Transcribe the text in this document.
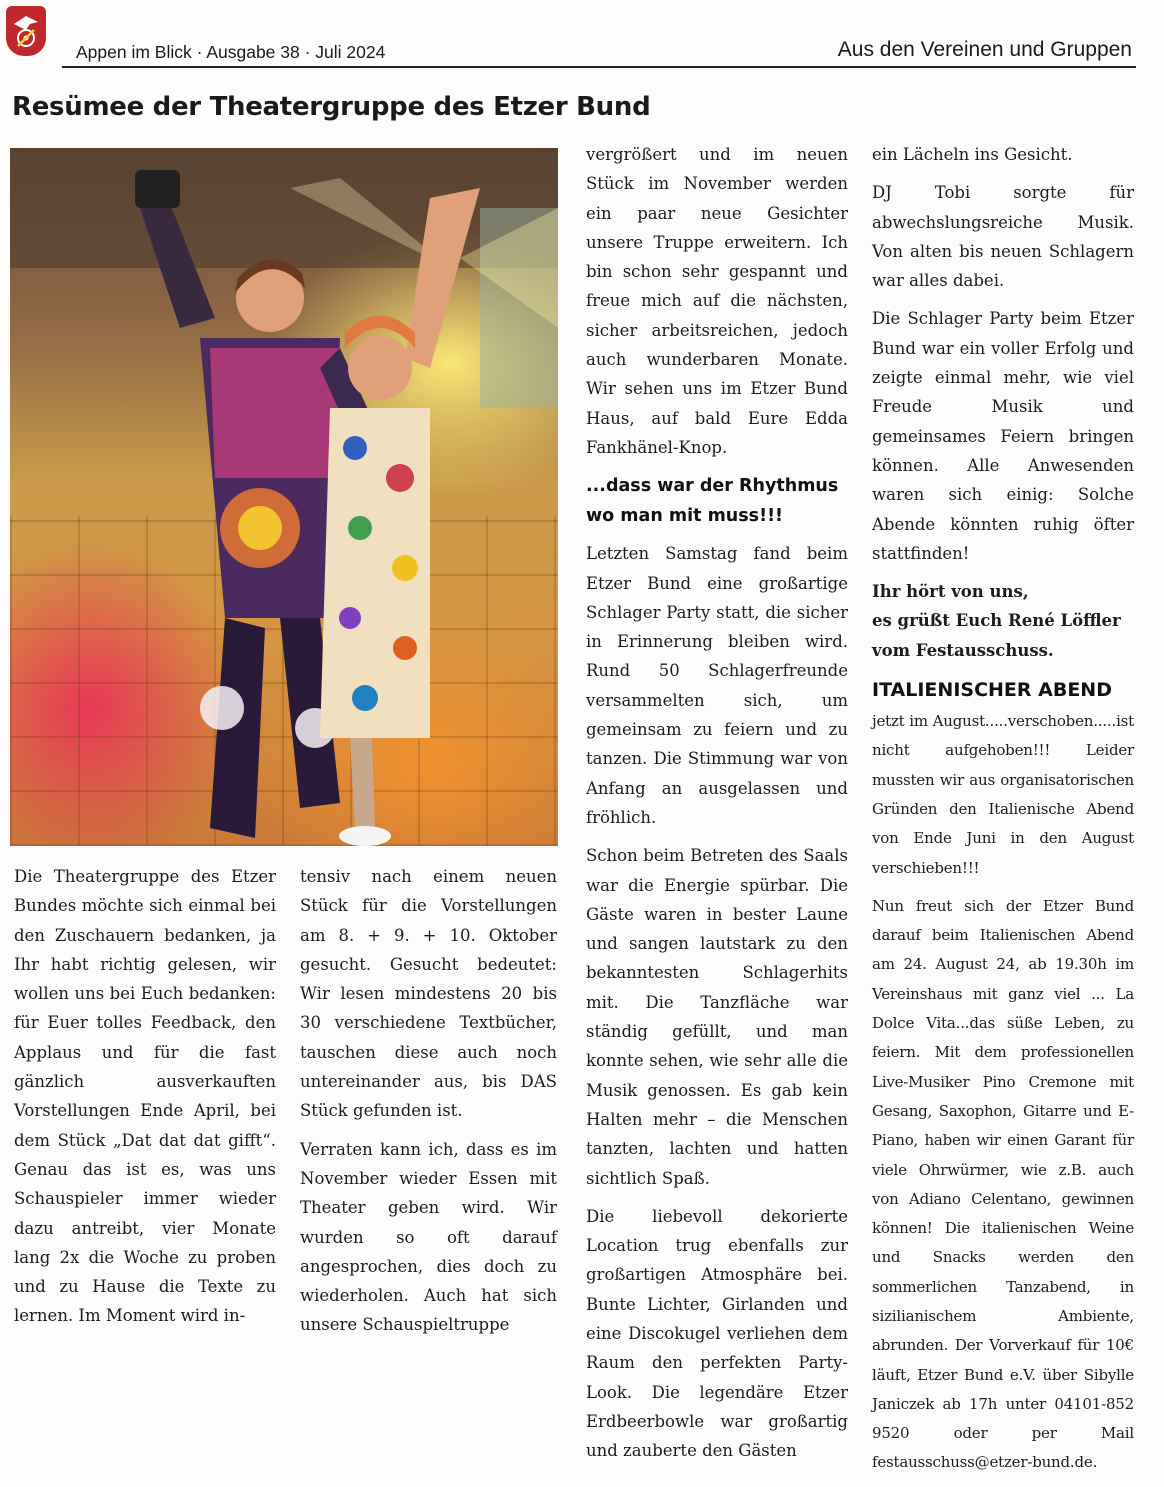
Appen im Blick · Ausgabe 38 · Juli 2024	Aus den Vereinen und Gruppen
Resümee der Theatergruppe des Etzer Bund

Die Theatergruppe des Etzer Bundes möchte sich einmal bei den Zuschauern bedanken, ja Ihr habt richtig gelesen, wir wollen uns bei Euch bedanken: für Euer tolles Feedback, den Applaus und für die fast gänzlich ausverkauften Vorstellungen Ende April, bei dem Stück „Dat dat dat gifft“. Genau das ist es, was uns Schauspieler immer wieder dazu antreibt, vier Monate lang 2x die Woche zu proben und zu Hause die Texte zu lernen. Im Moment wird in-

tensiv nach einem neuen Stück für die Vorstellungen am 8. + 9. + 10. Oktober gesucht. Gesucht bedeutet: Wir lesen mindestens 20 bis 30 verschiedene Textbücher, tauschen diese auch noch untereinander aus, bis DAS Stück gefunden ist.

Verraten kann ich, dass es im November wieder Essen mit Theater geben wird. Wir wurden so oft darauf angesprochen, dies doch zu wiederholen. Auch hat sich unsere Schauspieltruppe

vergrößert und im neuen Stück im November werden ein paar neue Gesichter unsere Truppe erweitern. Ich bin schon sehr gespannt und freue mich auf die nächsten, sicher arbeitsreichen, jedoch auch wunderbaren Monate. Wir sehen uns im Etzer Bund Haus, auf bald Eure Edda Fankhänel-Knop.

...dass war der Rhythmus wo man mit muss!!!

Letzten Samstag fand beim Etzer Bund eine großartige Schlager Party statt, die sicher in Erinnerung bleiben wird. Rund 50 Schlagerfreunde versammelten sich, um gemeinsam zu feiern und zu tanzen. Die Stimmung war von Anfang an ausgelassen und fröhlich.

Schon beim Betreten des Saals war die Energie spürbar. Die Gäste waren in bester Laune und sangen lautstark zu den bekanntesten Schlagerhits mit. Die Tanzfläche war ständig gefüllt, und man konnte sehen, wie sehr alle die Musik genossen. Es gab kein Halten mehr – die Menschen tanzten, lachten und hatten sichtlich Spaß.

Die liebevoll dekorierte Location trug ebenfalls zur großartigen Atmosphäre bei. Bunte Lichter, Girlanden und eine Discokugel verliehen dem Raum den perfekten Party-Look. Die legendäre Etzer Erdbeerbowle war großartig und zauberte den Gästen

ein Lächeln ins Gesicht.

DJ Tobi sorgte für abwechslungsreiche Musik. Von alten bis neuen Schlagern war alles dabei.

Die Schlager Party beim Etzer Bund war ein voller Erfolg und zeigte einmal mehr, wie viel Freude Musik und gemeinsames Feiern bringen können. Alle Anwesenden waren sich einig: Solche Abende könnten ruhig öfter stattfinden!

Ihr hört von uns,
es grüßt Euch René Löffler
vom Festausschuss.
ITALIENISCHER ABEND

jetzt im August.....verschoben.....ist nicht aufgehoben!!! Leider mussten wir aus organisatorischen Gründen den Italienische Abend von Ende Juni in den August verschieben!!!

Nun freut sich der Etzer Bund darauf beim Italienischen Abend am 24. August 24, ab 19.30h im Vereinshaus mit ganz viel ... La Dolce Vita...das süße Leben, zu feiern. Mit dem professionellen Live-Musiker Pino Cremone mit Gesang, Saxophon, Gitarre und E-Piano, haben wir einen Garant für viele Ohrwürmer, wie z.B. auch von Adiano Celentano, gewinnen können! Die italienischen Weine und Snacks werden den sommerlichen Tanzabend, in sizilianischem Ambiente, abrunden. Der Vorverkauf für 10€ läuft, Etzer Bund e.V. über Sibylle Janiczek ab 17h unter 04101-852 9520 oder per Mail festausschuss@etzer-bund.de.
